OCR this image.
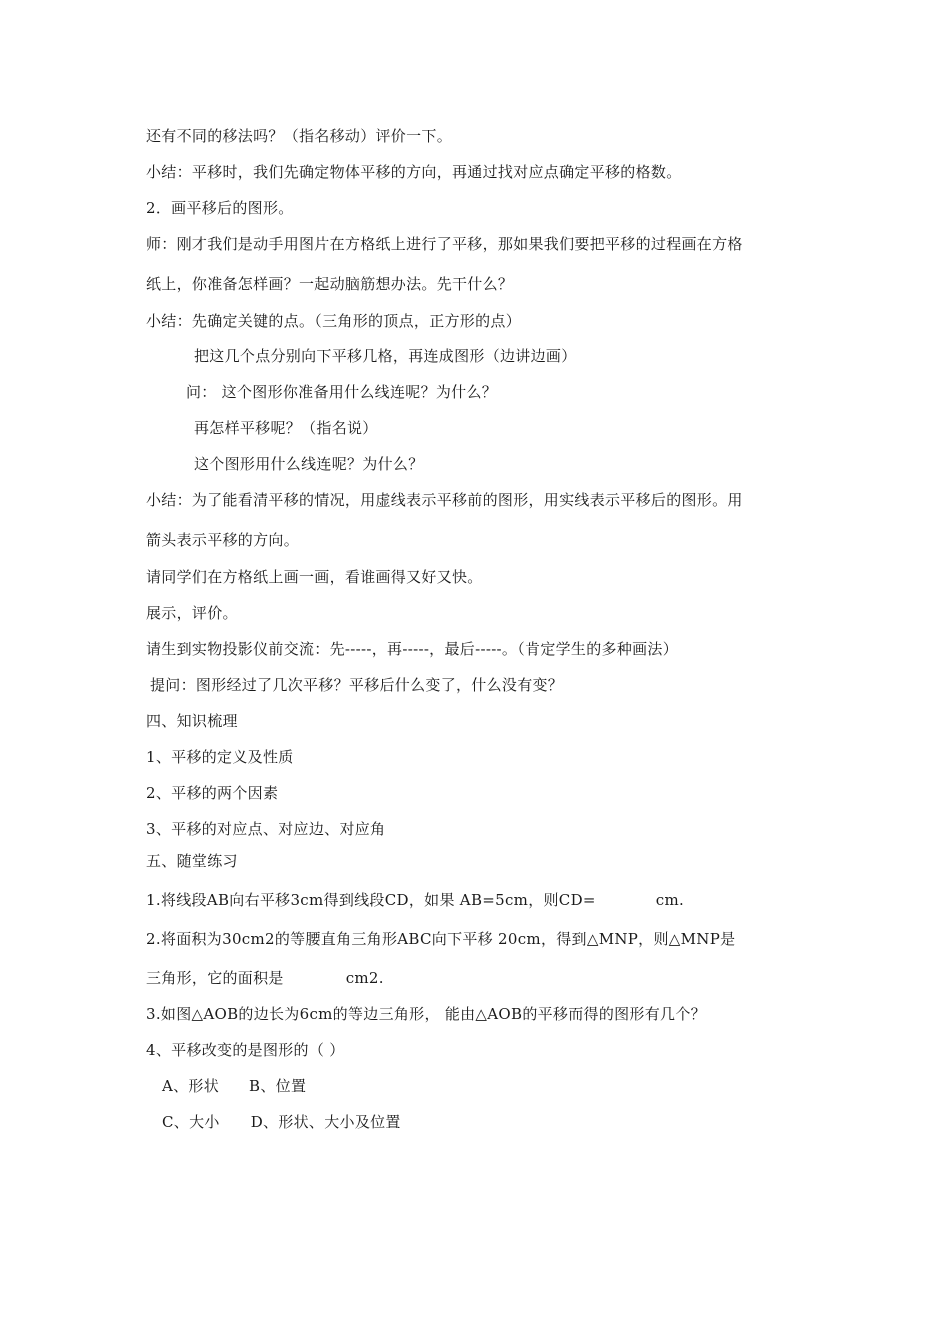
还有不同的移法吗？（指名移动）评价一下。
小结：平移时，我们先确定物体平移的方向，再通过找对应点确定平移的格数。
2．画平移后的图形。
师：刚才我们是动手用图片在方格纸上进行了平移，那如果我们要把平移的过程画在方格
纸上，你准备怎样画？一起动脑筋想办法。先干什么？
小结：先确定关键的点。（三角形的顶点，正方形的点）
把这几个点分别向下平移几格，再连成图形（边讲边画）
问： 这个图形你准备用什么线连呢？为什么？
再怎样平移呢？（指名说）
这个图形用什么线连呢？为什么？
小结：为了能看清平移的情况，用虚线表示平移前的图形，用实线表示平移后的图形。用
箭头表示平移的方向。
请同学们在方格纸上画一画，看谁画得又好又快。
展示，评价。
请生到实物投影仪前交流：先-----，再-----，最后-----。（肯定学生的多种画法）
提问：图形经过了几次平移？平移后什么变了，什么没有变？
四、知识梳理
1、平移的定义及性质
2、平移的两个因素
3、平移的对应点、对应边、对应角
五、随堂练习
1.将线段AB向右平移3cm得到线段CD，如果 AB=5cm，则CD=	cm.
2.将面积为30cm2的等腰直角三角形ABC向下平移 20cm，得到△MNP，则△MNP是
三角形，它的面积是	cm2.
3.如图△AOB的边长为6cm的等边三角形， 能由△AOB的平移而得的图形有几个？
4、平移改变的是图形的（ ）
A、形状 B、位置
C、大小 D、形状、大小及位置
